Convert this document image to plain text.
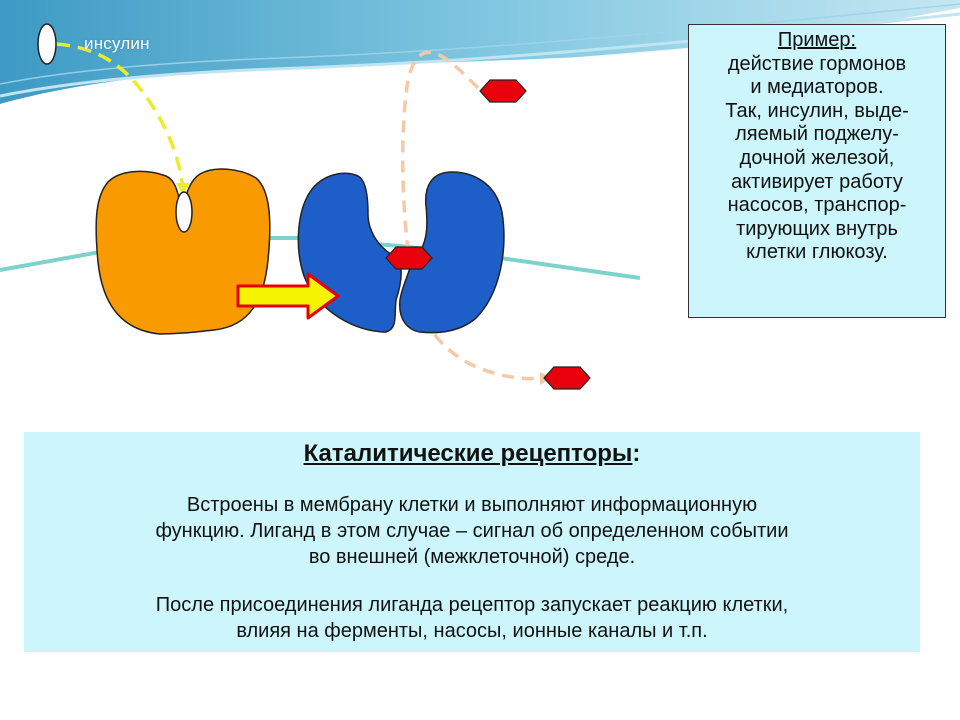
инсулин	Пример:
действие гормонов
и медиаторов.
Так, инсулин, выде-
ляемый поджелу-
дочной железой,
активирует работу
насосов, транспор-
тирующих внутрь
клетки глюкозу.
Каталитические рецепторы:
Встроены в мембрану клетки и выполняют информационную
функцию. Лиганд в этом случае – сигнал об определенном событии
во внешней (межклеточной) среде.
После присоединения лиганда рецептор запускает реакцию клетки,
влияя на ферменты, насосы, ионные каналы и т.п.
